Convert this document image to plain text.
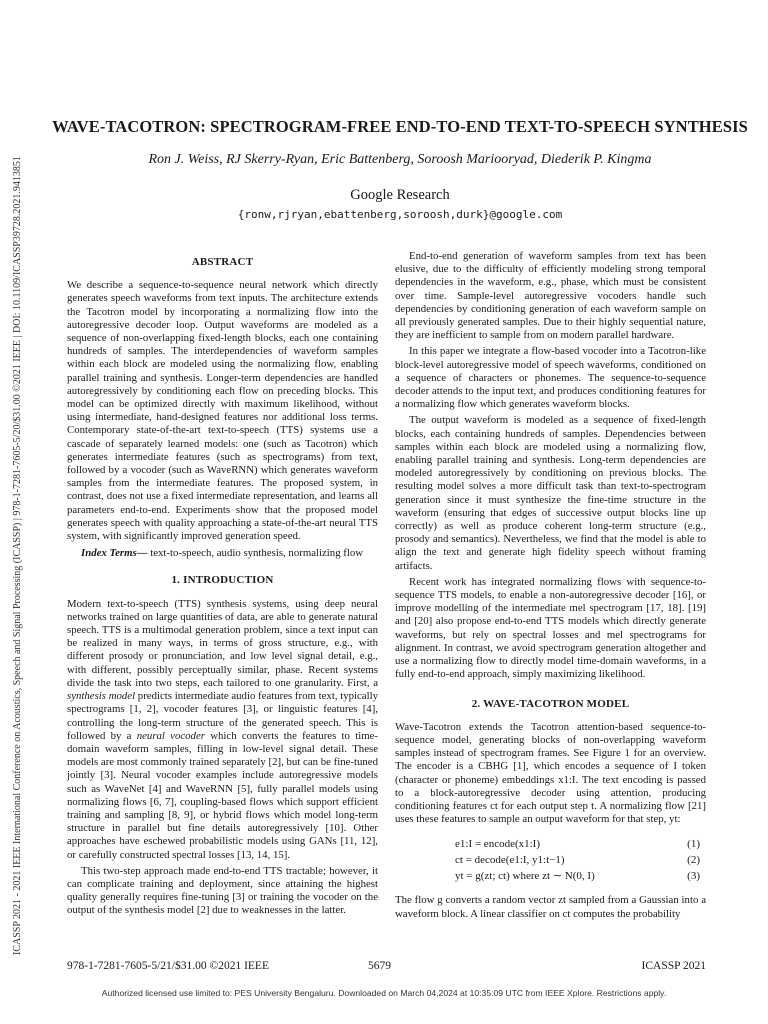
ICASSP 2021 - 2021 IEEE International Conference on Acoustics, Speech and Signal Processing (ICASSP) | 978-1-7281-7605-5/20/$31.00 ©2021 IEEE | DOI: 10.1109/ICASSP39728.2021.9413851
WAVE-TACOTRON: SPECTROGRAM-FREE END-TO-END TEXT-TO-SPEECH SYNTHESIS
Ron J. Weiss, RJ Skerry-Ryan, Eric Battenberg, Soroosh Mariooryad, Diederik P. Kingma
Google Research
{ronw,rjryan,ebattenberg,soroosh,durk}@google.com
ABSTRACT

We describe a sequence-to-sequence neural network which directly generates speech waveforms from text inputs. The architecture extends the Tacotron model by incorporating a normalizing flow into the autoregressive decoder loop. Output waveforms are modeled as a sequence of non-overlapping fixed-length blocks, each one containing hundreds of samples. The interdependencies of waveform samples within each block are modeled using the normalizing flow, enabling parallel training and synthesis. Longer-term dependencies are handled autoregressively by conditioning each flow on preceding blocks. This model can be optimized directly with maximum likelihood, without using intermediate, hand-designed features nor additional loss terms. Contemporary state-of-the-art text-to-speech (TTS) systems use a cascade of separately learned models: one (such as Tacotron) which generates intermediate features (such as spectrograms) from text, followed by a vocoder (such as WaveRNN) which generates waveform samples from the intermediate features. The proposed system, in contrast, does not use a fixed intermediate representation, and learns all parameters end-to-end. Experiments show that the proposed model generates speech with quality approaching a state-of-the-art neural TTS system, with significantly improved generation speed.

Index Terms— text-to-speech, audio synthesis, normalizing flow

1. INTRODUCTION

Modern text-to-speech (TTS) synthesis systems, using deep neural networks trained on large quantities of data, are able to generate natural speech. TTS is a multimodal generation problem, since a text input can be realized in many ways, in terms of gross structure, e.g., with different prosody or pronunciation, and low level signal detail, e.g., with different, possibly perceptually similar, phase. Recent systems divide the task into two steps, each tailored to one granularity. First, a synthesis model predicts intermediate audio features from text, typically spectrograms [1, 2], vocoder features [3], or linguistic features [4], controlling the long-term structure of the generated speech. This is followed by a neural vocoder which converts the features to time-domain waveform samples, filling in low-level signal detail. These models are most commonly trained separately [2], but can be fine-tuned jointly [3]. Neural vocoder examples include autoregressive models such as WaveNet [4] and WaveRNN [5], fully parallel models using normalizing flows [6, 7], coupling-based flows which support efficient training and sampling [8, 9], or hybrid flows which model long-term structure in parallel but fine details autoregressively [10]. Other approaches have eschewed probabilistic models using GANs [11, 12], or carefully constructed spectral losses [13, 14, 15].

This two-step approach made end-to-end TTS tractable; however, it can complicate training and deployment, since attaining the highest quality generally requires fine-tuning [3] or training the vocoder on the output of the synthesis model [2] due to weaknesses in the latter.

End-to-end generation of waveform samples from text has been elusive, due to the difficulty of efficiently modeling strong temporal dependencies in the waveform, e.g., phase, which must be consistent over time. Sample-level autoregressive vocoders handle such dependencies by conditioning generation of each waveform sample on all previously generated samples. Due to their highly sequential nature, they are inefficient to sample from on modern parallel hardware.

In this paper we integrate a flow-based vocoder into a Tacotron-like block-level autoregressive model of speech waveforms, conditioned on a sequence of characters or phonemes. The sequence-to-sequence decoder attends to the input text, and produces conditioning features for a normalizing flow which generates waveform blocks.

The output waveform is modeled as a sequence of fixed-length blocks, each containing hundreds of samples. Dependencies between samples within each block are modeled using a normalizing flow, enabling parallel training and synthesis. Long-term dependencies are modeled autoregressively by conditioning on previous blocks. The resulting model solves a more difficult task than text-to-spectrogram generation since it must synthesize the fine-time structure in the waveform (ensuring that edges of successive output blocks line up correctly) as well as produce coherent long-term structure (e.g., prosody and semantics). Nevertheless, we find that the model is able to align the text and generate high fidelity speech without framing artifacts.

Recent work has integrated normalizing flows with sequence-to-sequence TTS models, to enable a non-autoregressive decoder [16], or improve modelling of the intermediate mel spectrogram [17, 18]. [19] and [20] also propose end-to-end TTS models which directly generate waveforms, but rely on spectral losses and mel spectrograms for alignment. In contrast, we avoid spectrogram generation altogether and use a normalizing flow to directly model time-domain waveforms, in a fully end-to-end approach, simply maximizing likelihood.

2. WAVE-TACOTRON MODEL

Wave-Tacotron extends the Tacotron attention-based sequence-to-sequence model, generating blocks of non-overlapping waveform samples instead of spectrogram frames. See Figure 1 for an overview. The encoder is a CBHG [1], which encodes a sequence of I token (character or phoneme) embeddings x1:I. The text encoding is passed to a block-autoregressive decoder using attention, producing conditioning features ct for each output step t. A normalizing flow [21] uses these features to sample an output waveform for that step, yt:

e1:I = encode(x1:I)	(1)
ct = decode(e1:I, y1:t−1)	(2)
yt = g(zt; ct) where zt ∼ N(0, I)	(3)

The flow g converts a random vector zt sampled from a Gaussian into a waveform block. A linear classifier on ct computes the probability

978-1-7281-7605-5/21/$31.00 ©2021 IEEE	5679	ICASSP 2021
Authorized licensed use limited to: PES University Bengaluru. Downloaded on March 04,2024 at 10:35:09 UTC from IEEE Xplore. Restrictions apply.
